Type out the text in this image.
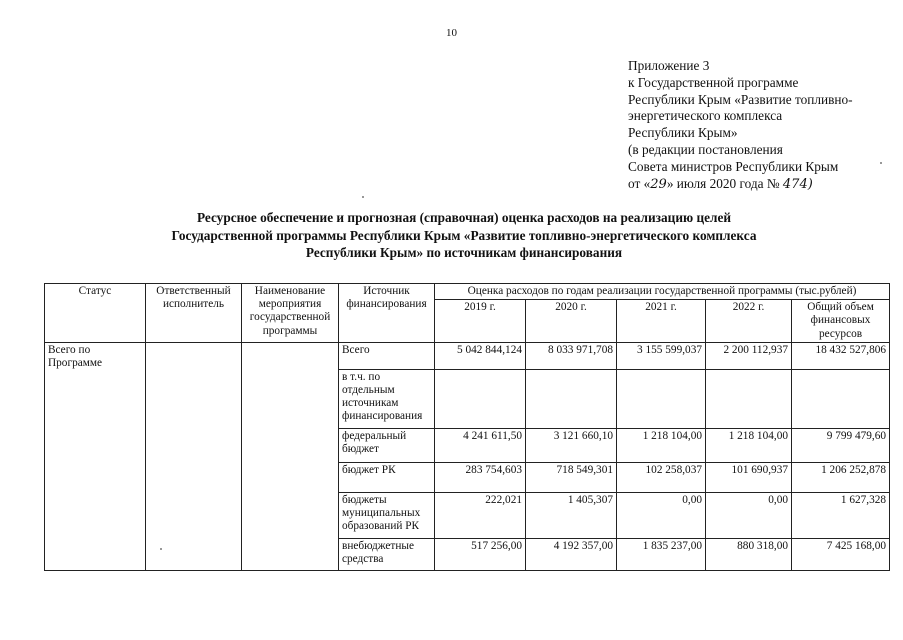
10
Приложение 3
к Государственной программе
Республики Крым «Развитие топливно-
энергетического комплекса
Республики Крым»
(в редакции постановления
Совета министров Республики Крым
от «29» июля 2020 года № 474)
Ресурсное обеспечение и прогнозная (справочная) оценка расходов на реализацию целей
Государственной программы Республики Крым «Развитие топливно-энергетического комплекса
Республики Крым» по источникам финансирования
Статус	Ответственный исполнитель	Наименование мероприятия государственной программы	Источник финансирования	Оценка расходов по годам реализации государственной программы (тыс.рублей)				
				2019 г.	2020 г.	2021 г.	2022 г.	Общий объем финансовых ресурсов
Всего по Программе			Всего	5 042 844,124	8 033 971,708	3 155 599,037	2 200 112,937	18 432 527,806
			в т.ч. по отдельным источникам финансирования					
			федеральный бюджет	4 241 611,50	3 121 660,10	1 218 104,00	1 218 104,00	9 799 479,60
			бюджет РК	283 754,603	718 549,301	102 258,037	101 690,937	1 206 252,878
			бюджеты муниципальных образований РК	222,021	1 405,307	0,00	0,00	1 627,328
			внебюджетные средства	517 256,00	4 192 357,00	1 835 237,00	880 318,00	7 425 168,00
